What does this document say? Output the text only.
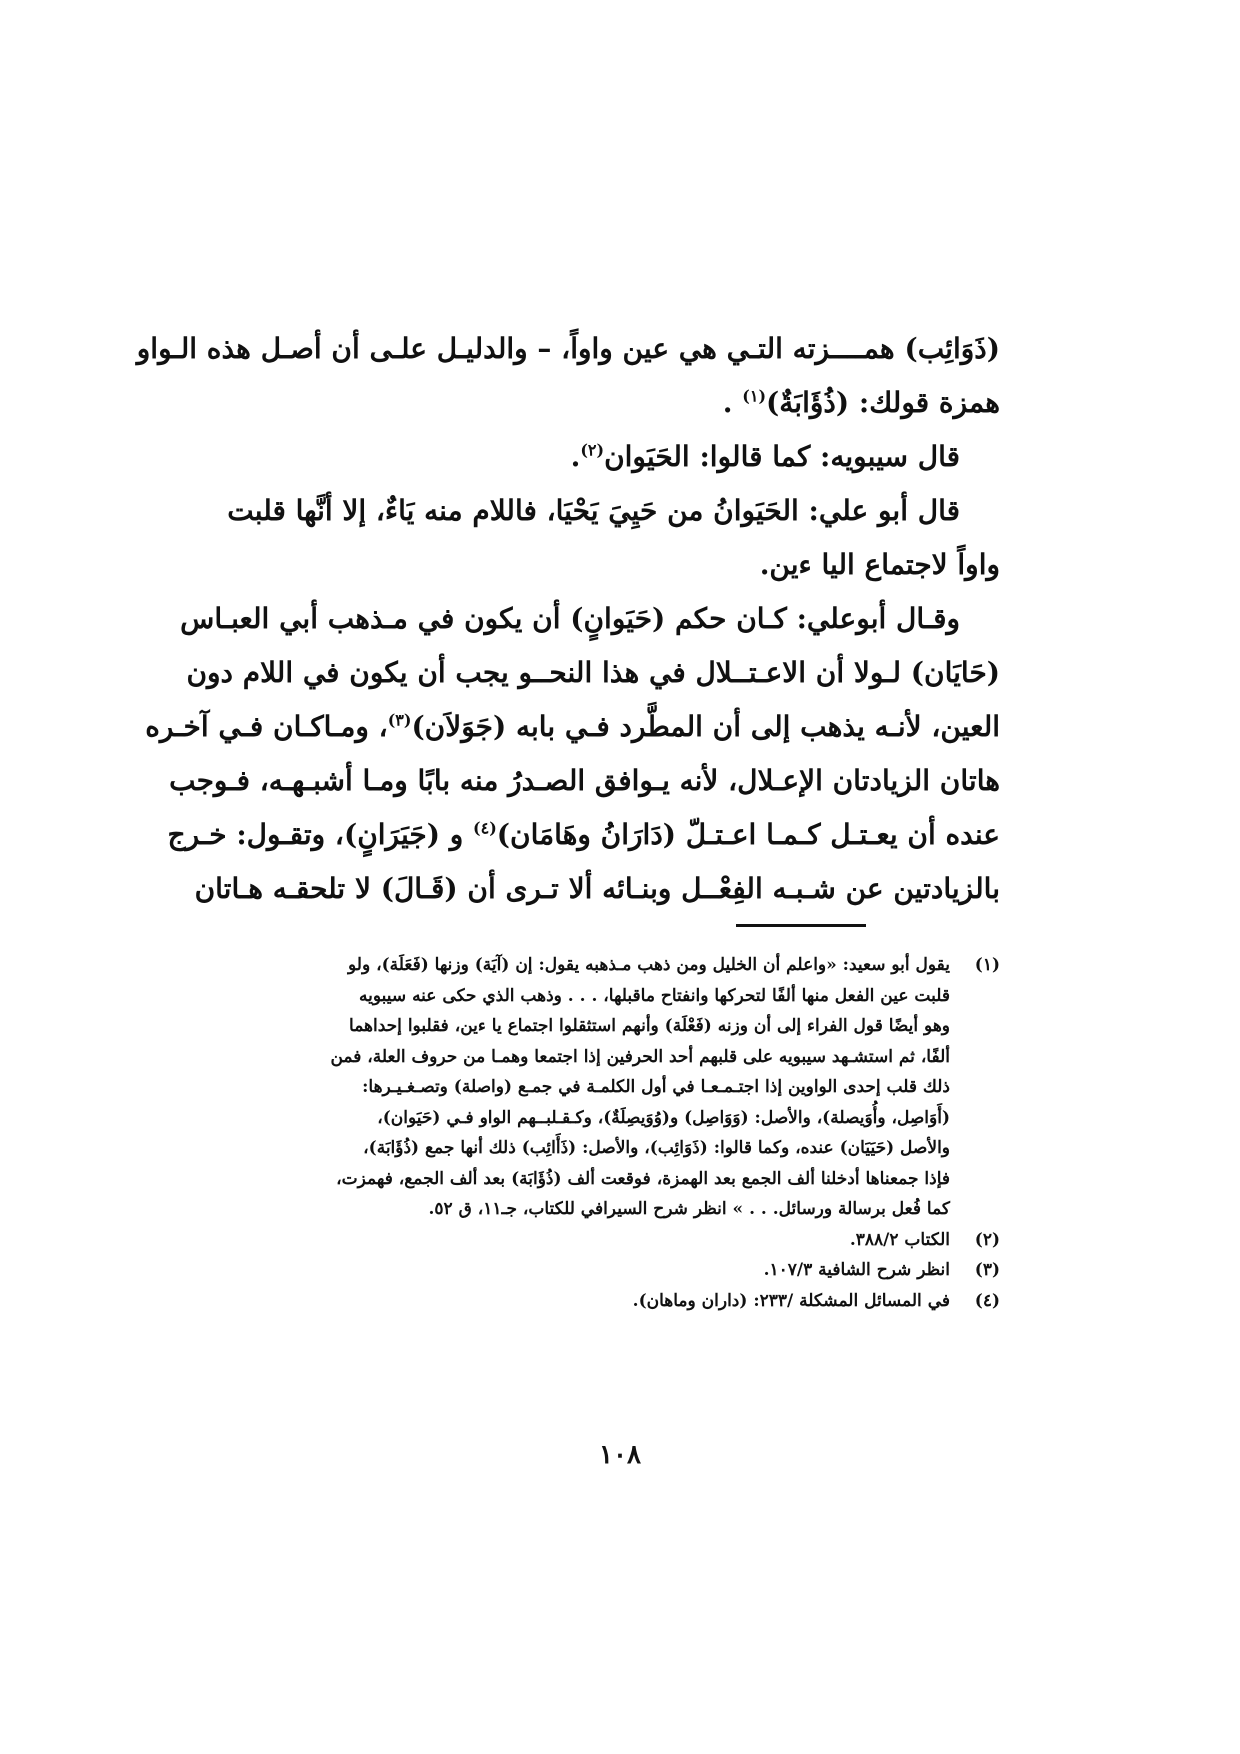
(ذَوَائِب) همــــزته التـي هي عين واواً، – والدليـل علـى أن أصـل هذه الـواو
همزة قولك: (ذُؤَابَةٌ)$^{(١)}$ .
قال سيبويه: كما قالوا: الحَيَوان$^{(٢)}$.
قال أبو علي: الحَيَوانُ من حَيِيَ يَحْيَا، فاللام منه يَاءٌ، إلا أنَّها قلبت
واواً لاجتماع اليا ءين.
وقـال أبوعلي: كـان حكم (حَيَوانٍ) أن يكون في مـذهب أبي العبـاس
(حَايَان) لـولا أن الاعـتــلال في هذا النحــو يجب أن يكون في اللام دون
العين، لأنـه يذهب إلى أن المطَّرد فـي بابه (جَوَلاَن)$^{(٣)}$، ومـاكـان فـي آخـره
هاتان الزيادتان الإعـلال، لأنه يـوافق الصـدرُ منه بابًا ومـا أشبـهـه، فـوجب
عنده أن يعـتـل كـمـا اعـتـلّ (دَارَانُ وهَامَان)$^{(٤)}$ و (جَيَرَانٍ)، وتقـول: خـرج
بالزيادتين عن شـبـه الفِعْــل وبنـائه ألا تـرى أن (قَـالَ) لا تلحقـه هـاتان
(١)
يقول أبو سعيد: «واعلم أن الخليل ومن ذهب مـذهبه يقول: إن (آيَة) وزنها (فَعَلَة)، ولو
قلبت عين الفعل منها ألفًا لتحركها وانفتاح ماقبلها، . . . وذهب الذي حكى عنه سيبويه
وهو أيضًا قول الفراء إلى أن وزنه (فَعْلَة) وأنهم استثقلوا اجتماع يا ءين، فقلبوا إحداهما
ألفًا، ثم استشـهد سيبويه على قلبهم أحد الحرفين إذا اجتمعا وهمـا من حروف العلة، فمن
ذلك قلب إحدى الواوين إذا اجتـمـعـا في أول الكلمـة في جمـع (واصلة) وتصـغـيـرها:
(أَوَاصِل، وأُوَيصلة)، والأصل: (وَوَاصِل) و(وُوَيصِلَةٌ)، وكـقـلبــهم الواو فـي (حَيَوان)،
والأصل (حَيَيَان) عنده، وكما قالوا: (ذَوَائِب)، والأصل: (ذَأَائِب) ذلك أنها جمع (ذُؤَابَة)،
فإذا جمعناها أدخلنا ألف الجمع بعد الهمزة، فوقعت ألف (ذُؤَابَة) بعد ألف الجمع، فهمزت،
كما فُعل برسالة ورسائل. . . » انظر شرح السيرافي للكتاب، جـ١١، ق ٥٢.
(٢)
الكتاب ٣٨٨/٢.
(٣)
انظر شرح الشافية ١٠٧/٣.
(٤)
في المسائل المشكلة /٢٣٣: (داران وماهان).
١٠٨
